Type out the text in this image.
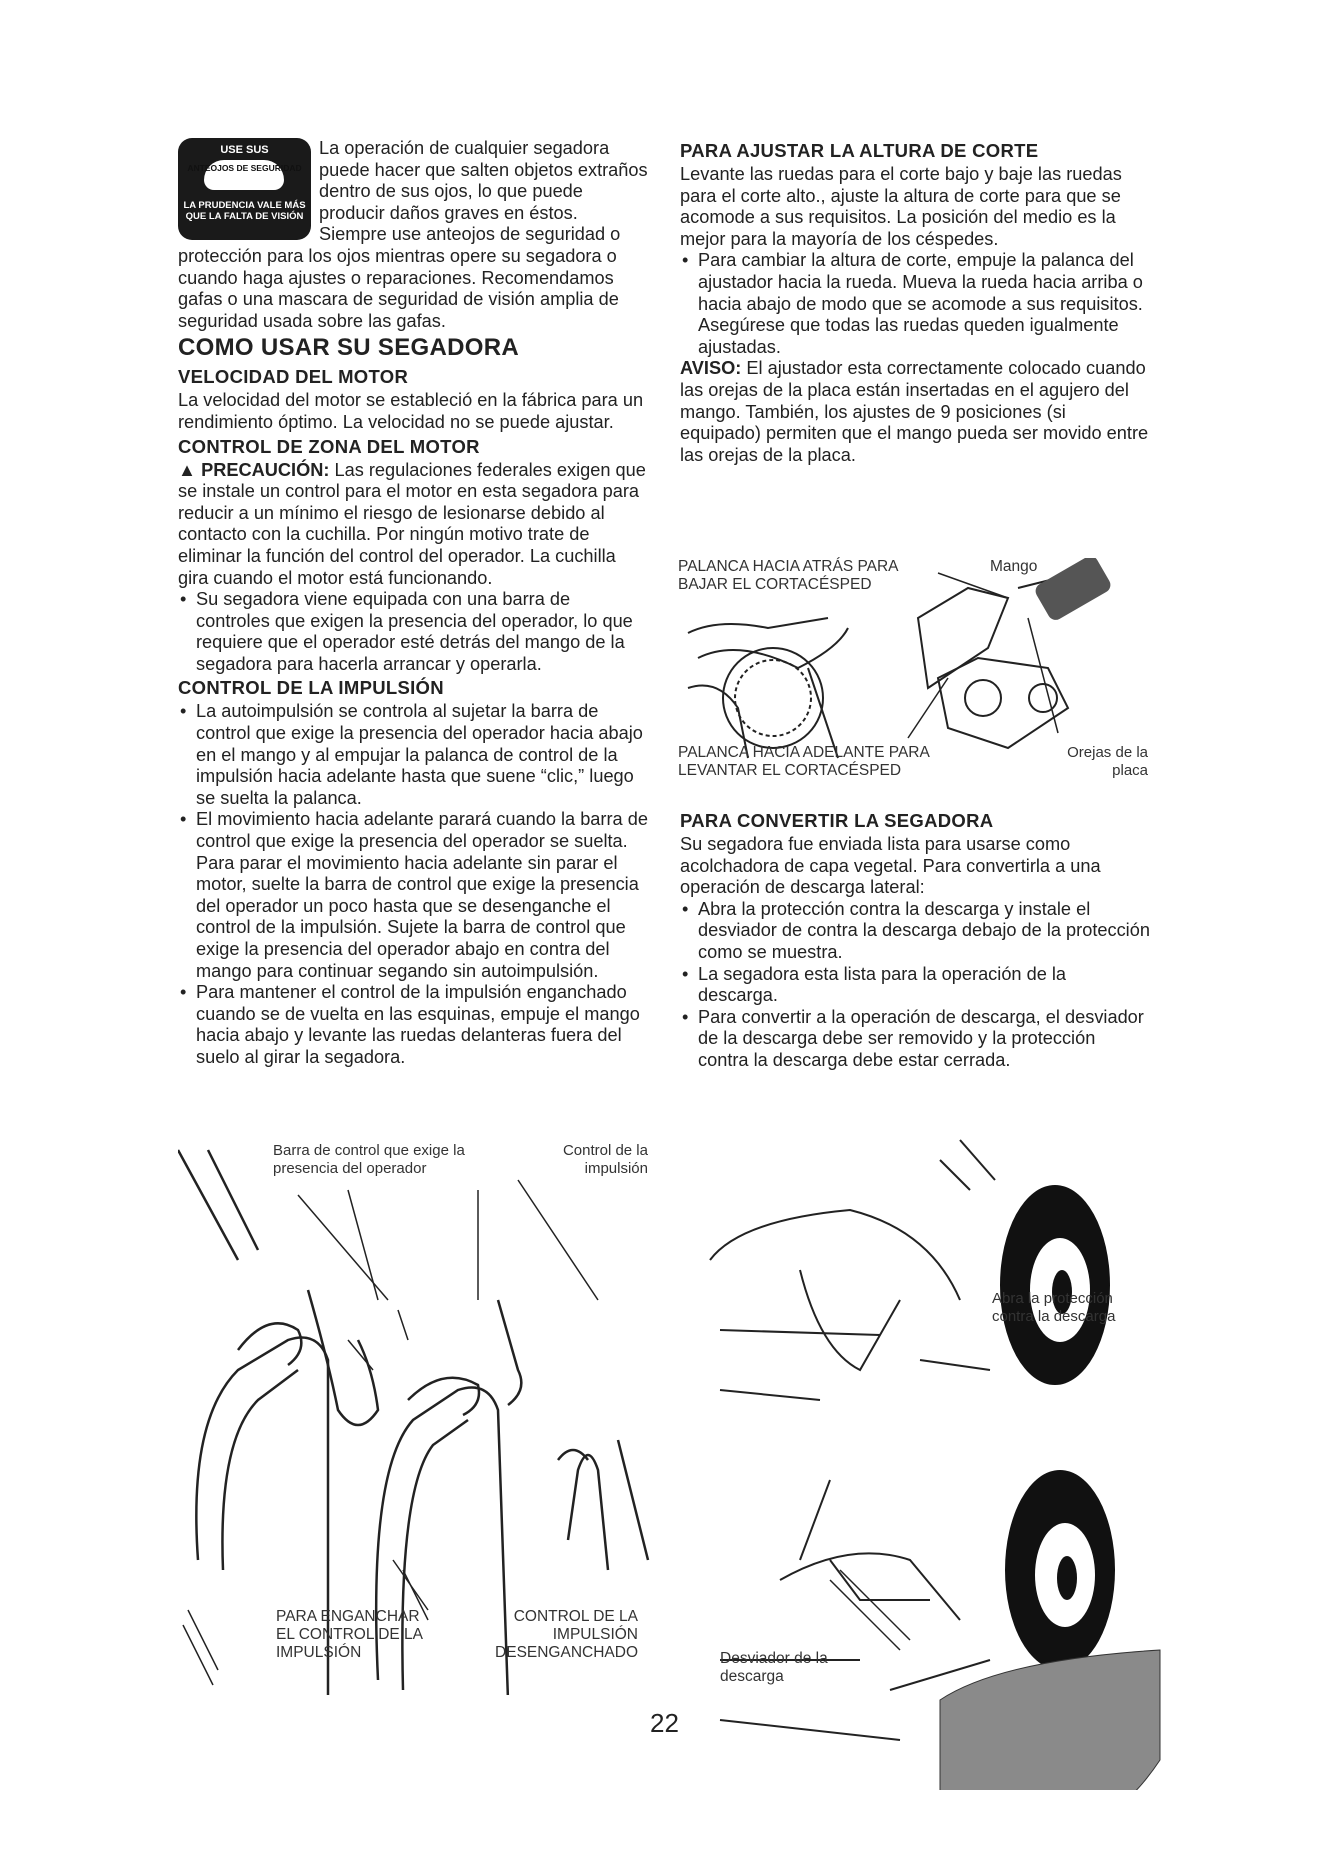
USE SUS
ANTEOJOS DE SEGURIDAD
LA PRUDENCIA VALE MÁS QUE LA FALTA DE VISIÓN

La operación de cualquier segadora puede hacer que salten objetos extraños dentro de sus ojos, lo que puede producir daños graves en éstos. Siempre use anteojos de seguridad o protección para los ojos mientras opere su segadora o cuando haga ajustes o reparaciones. Recomendamos gafas o una mascara de seguridad de visión amplia de seguridad usada sobre las gafas.

COMO USAR SU SEGADORA
VELOCIDAD DEL MOTOR

La velocidad del motor se estableció en la fábrica para un rendimiento óptimo. La velocidad no se puede ajustar.

CONTROL DE ZONA DEL MOTOR

▲ PRECAUCIÓN: Las regulaciones federales exigen que se instale un control para el motor en esta segadora para reducir a un mínimo el riesgo de lesionarse debido al contacto con la cuchilla. Por ningún motivo trate de eliminar la función del control del operador. La cuchilla gira cuando el motor está funcionando.

• Su segadora viene equipada con una barra de controles que exigen la presencia del operador, lo que requiere que el operador esté detrás del mango de la segadora para hacerla arrancar y operarla.
CONTROL DE LA IMPULSIÓN
• La autoimpulsión se controla al sujetar la barra de control que exige la presencia del operador hacia abajo en el mango y al empujar la palanca de control de la impulsión hacia adelante hasta que suene “clic,” luego se suelta la palanca.
• El movimiento hacia adelante parará cuando la barra de control que exige la presencia del operador se suelta. Para parar el movimiento hacia adelante sin parar el motor, suelte la barra de control que exige la presencia del operador un poco hasta que se desenganche el control de la impulsión. Sujete la barra de control que exige la presencia del operador abajo en contra del mango para continuar segando sin autoimpulsión.
• Para mantener el control de la impulsión enganchado cuando se de vuelta en las esquinas, empuje el mango hacia abajo y levante las ruedas delanteras fuera del suelo al girar la segadora.
Barra de control que exige la presencia del operador
Control de la impulsión
PARA ENGANCHAR EL CONTROL DE LA IMPULSIÓN
CONTROL DE LA IMPULSIÓN DESENGANCHADO
PARA AJUSTAR LA ALTURA DE CORTE

Levante las ruedas para el corte bajo y baje las ruedas para el corte alto., ajuste la altura de corte para que se acomode a sus requisitos. La posición del medio es la mejor para la mayoría de los céspedes.

• Para cambiar la altura de corte, empuje la palanca del ajustador hacia la rueda. Mueva la rueda hacia arriba o hacia abajo de modo que se acomode a sus requisitos. Asegúrese que todas las ruedas queden igualmente ajustadas.

AVISO: El ajustador esta correctamente colocado cuando las orejas de la placa están insertadas en el agujero del mango. También, los ajustes de 9 posiciones (si equipado) permiten que el mango pueda ser movido entre las orejas de la placa.

PALANCA HACIA ATRÁS PARA BAJAR EL CORTACÉSPED
Mango
PALANCA HACIA ADELANTE PARA LEVANTAR EL CORTACÉSPED
Orejas de la placa
PARA CONVERTIR LA SEGADORA

Su segadora fue enviada lista para usarse como acolchadora de capa vegetal. Para convertirla a una operación de descarga lateral:

• Abra la protección contra la descarga y instale el desviador de contra la descarga debajo de la protección como se muestra.
• La segadora esta lista para la operación de la descarga.
• Para convertir a la operación de descarga, el desviador de la descarga debe ser removido y la protección contra la descarga debe estar cerrada.
Abra la protección contra la descarga
Desviador de la descarga
22
